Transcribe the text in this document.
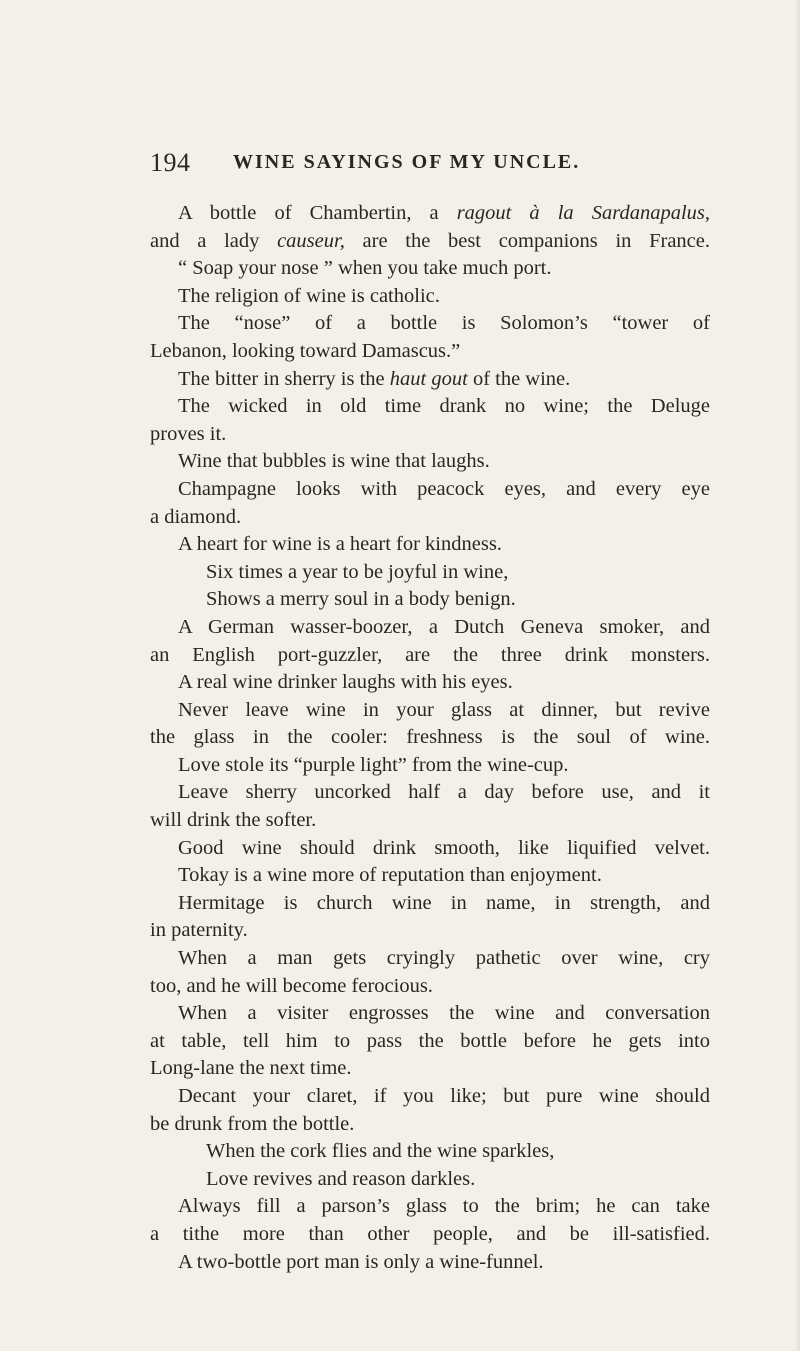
194 WINE SAYINGS OF MY UNCLE.
A bottle of Chambertin, a ragout à la Sardanapalus,
and a lady causeur, are the best companions in France.
“ Soap your nose ” when you take much port.
The religion of wine is catholic.
The “nose” of a bottle is Solomon’s “tower of
Lebanon, looking toward Damascus.”
The bitter in sherry is the haut gout of the wine.
The wicked in old time drank no wine; the Deluge
proves it.
Wine that bubbles is wine that laughs.
Champagne looks with peacock eyes, and every eye
a diamond.
A heart for wine is a heart for kindness.
Six times a year to be joyful in wine,
Shows a merry soul in a body benign.
A German wasser-boozer, a Dutch Geneva smoker, and
an English port-guzzler, are the three drink monsters.
A real wine drinker laughs with his eyes.
Never leave wine in your glass at dinner, but revive
the glass in the cooler: freshness is the soul of wine.
Love stole its “purple light” from the wine-cup.
Leave sherry uncorked half a day before use, and it
will drink the softer.
Good wine should drink smooth, like liquified velvet.
Tokay is a wine more of reputation than enjoyment.
Hermitage is church wine in name, in strength, and
in paternity.
When a man gets cryingly pathetic over wine, cry
too, and he will become ferocious.
When a visiter engrosses the wine and conversation
at table, tell him to pass the bottle before he gets into
Long-lane the next time.
Decant your claret, if you like; but pure wine should
be drunk from the bottle.
When the cork flies and the wine sparkles,
Love revives and reason darkles.
Always fill a parson’s glass to the brim; he can take
a tithe more than other people, and be ill-satisfied.
A two-bottle port man is only a wine-funnel.
